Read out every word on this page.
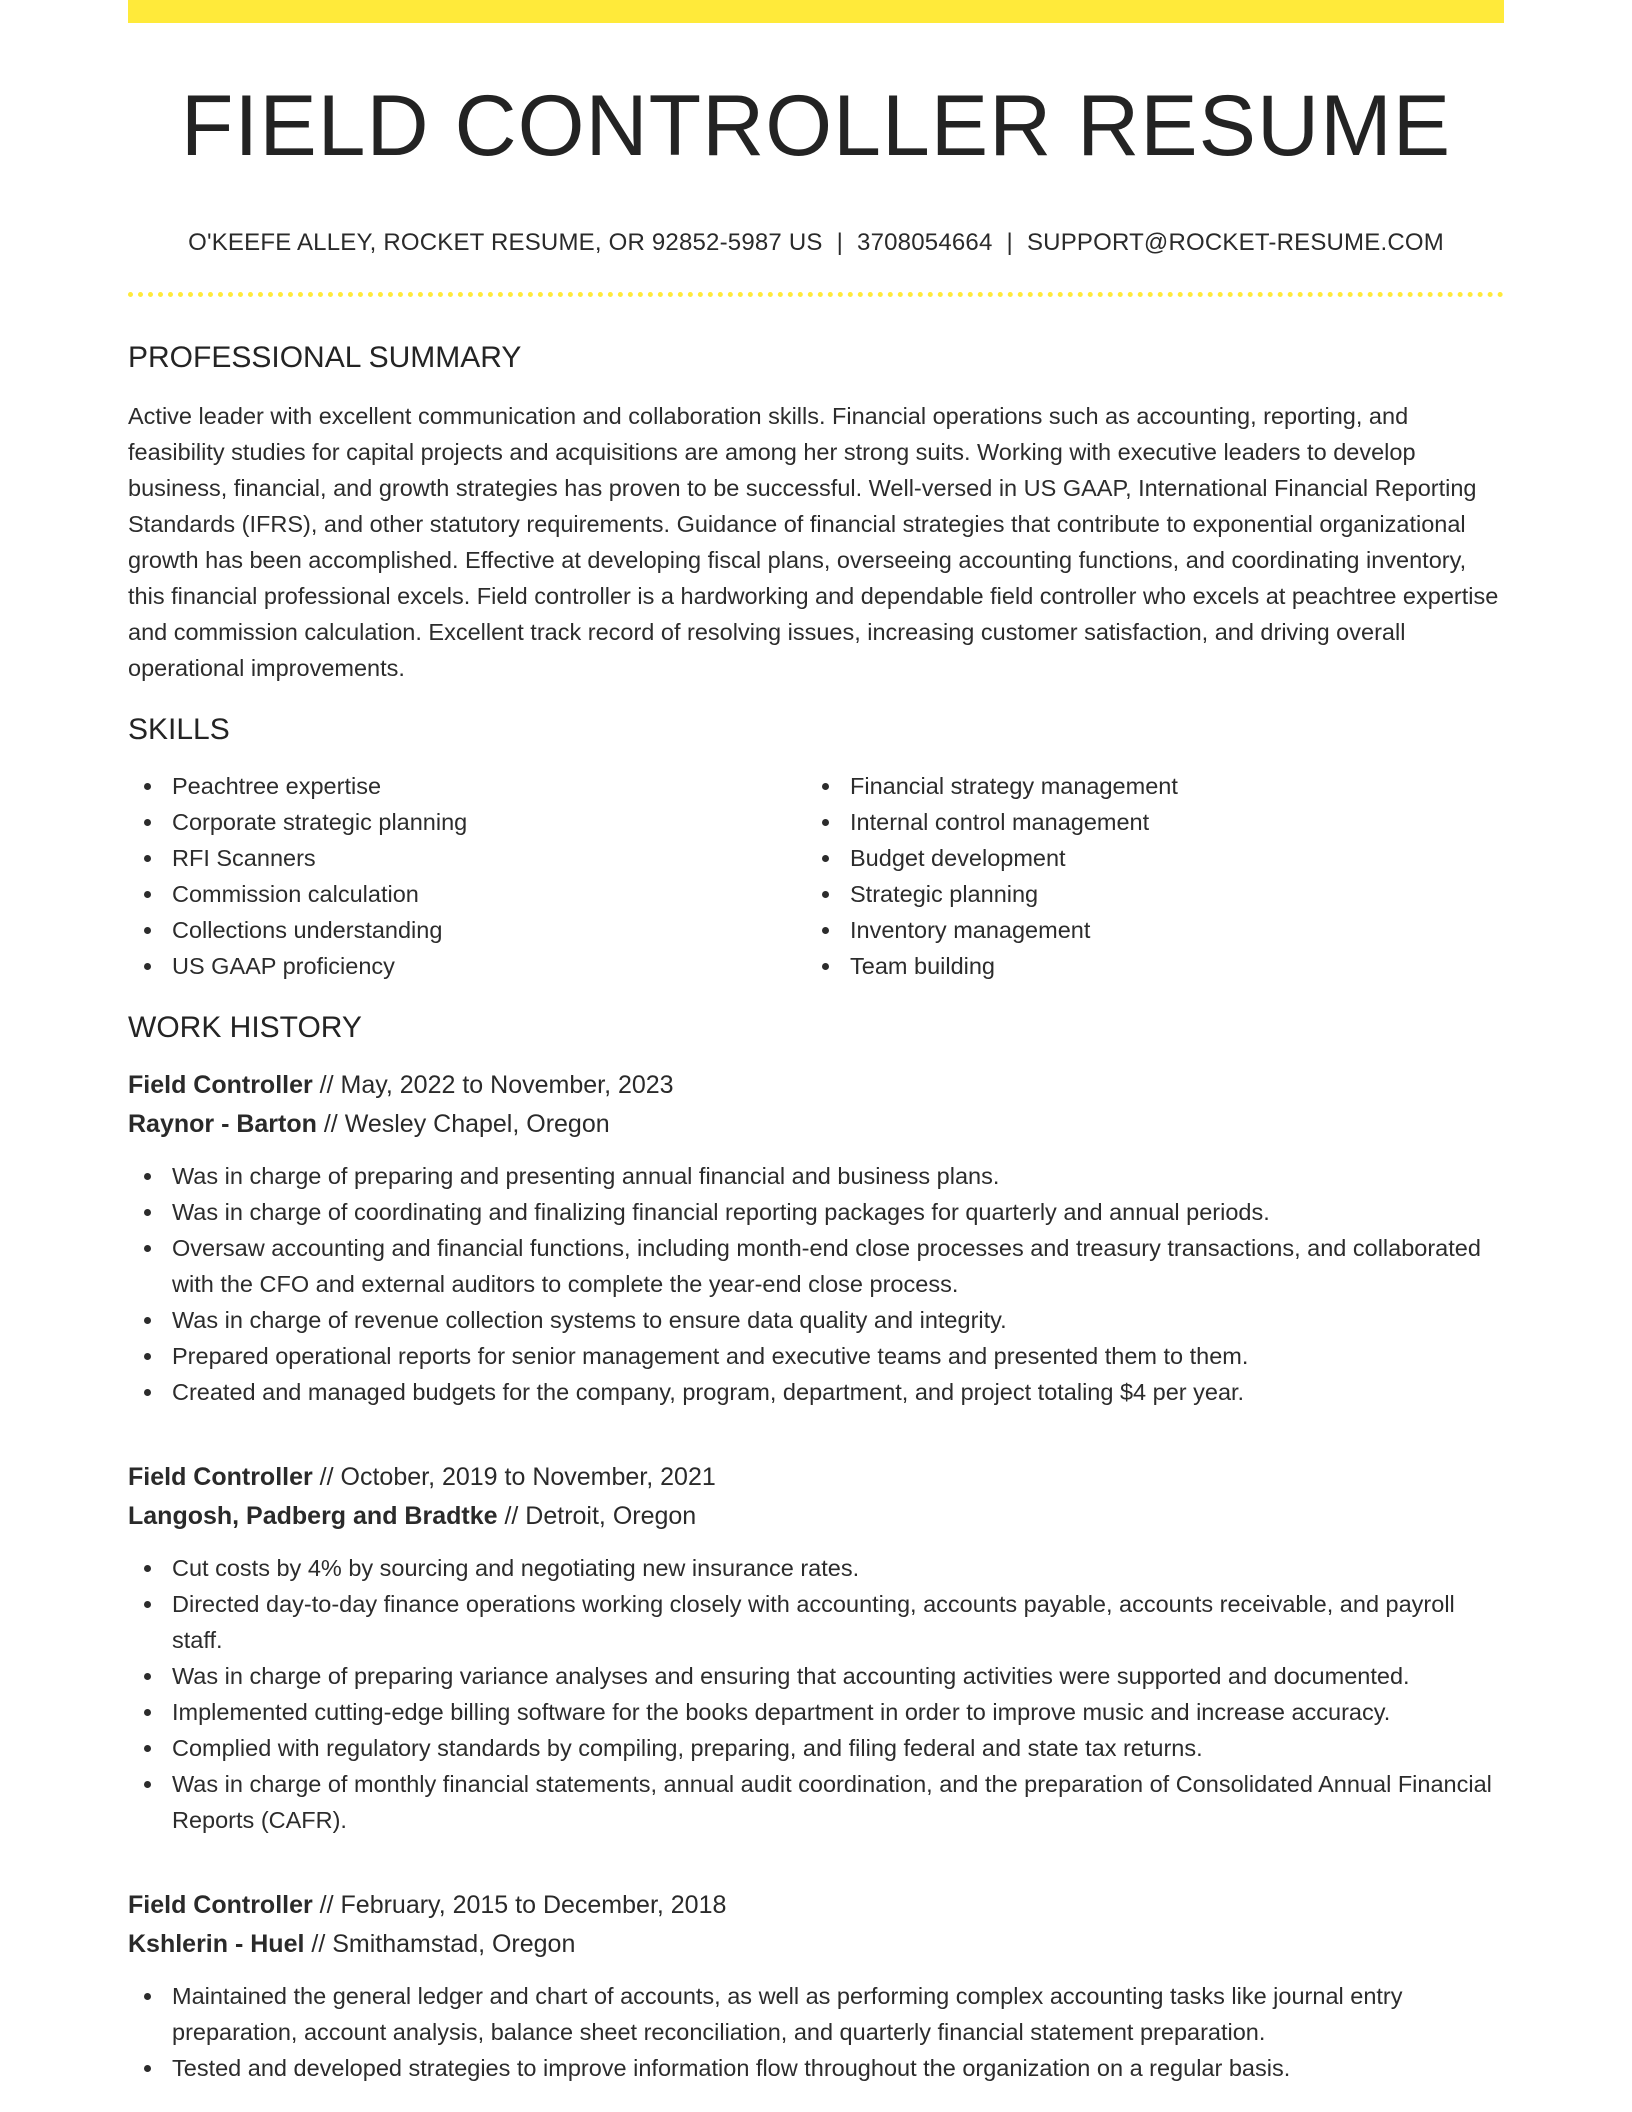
FIELD CONTROLLER RESUME
O'KEEFE ALLEY, ROCKET RESUME, OR 92852-5987 US | 3708054664 | SUPPORT@ROCKET-RESUME.COM
PROFESSIONAL SUMMARY

Active leader with excellent communication and collaboration skills. Financial operations such as accounting, reporting, and feasibility studies for capital projects and acquisitions are among her strong suits. Working with executive leaders to develop business, financial, and growth strategies has proven to be successful. Well-versed in US GAAP, International Financial Reporting Standards (IFRS), and other statutory requirements. Guidance of financial strategies that contribute to exponential organizational growth has been accomplished. Effective at developing fiscal plans, overseeing accounting functions, and coordinating inventory, this financial professional excels. Field controller is a hardworking and dependable field controller who excels at peachtree expertise and commission calculation. Excellent track record of resolving issues, increasing customer satisfaction, and driving overall operational improvements.

SKILLS
Peachtree expertise
Corporate strategic planning
RFI Scanners
Commission calculation
Collections understanding
US GAAP proficiency
Financial strategy management
Internal control management
Budget development
Strategic planning
Inventory management
Team building
WORK HISTORY
Field Controller // May, 2022 to November, 2023
Raynor - Barton // Wesley Chapel, Oregon
Was in charge of preparing and presenting annual financial and business plans.
Was in charge of coordinating and finalizing financial reporting packages for quarterly and annual periods.
Oversaw accounting and financial functions, including month-end close processes and treasury transactions, and collaborated with the CFO and external auditors to complete the year-end close process.
Was in charge of revenue collection systems to ensure data quality and integrity.
Prepared operational reports for senior management and executive teams and presented them to them.
Created and managed budgets for the company, program, department, and project totaling $4 per year.
Field Controller // October, 2019 to November, 2021
Langosh, Padberg and Bradtke // Detroit, Oregon
Cut costs by 4% by sourcing and negotiating new insurance rates.
Directed day-to-day finance operations working closely with accounting, accounts payable, accounts receivable, and payroll staff.
Was in charge of preparing variance analyses and ensuring that accounting activities were supported and documented.
Implemented cutting-edge billing software for the books department in order to improve music and increase accuracy.
Complied with regulatory standards by compiling, preparing, and filing federal and state tax returns.
Was in charge of monthly financial statements, annual audit coordination, and the preparation of Consolidated Annual Financial Reports (CAFR).
Field Controller // February, 2015 to December, 2018
Kshlerin - Huel // Smithamstad, Oregon
Maintained the general ledger and chart of accounts, as well as performing complex accounting tasks like journal entry preparation, account analysis, balance sheet reconciliation, and quarterly financial statement preparation.
Tested and developed strategies to improve information flow throughout the organization on a regular basis.
